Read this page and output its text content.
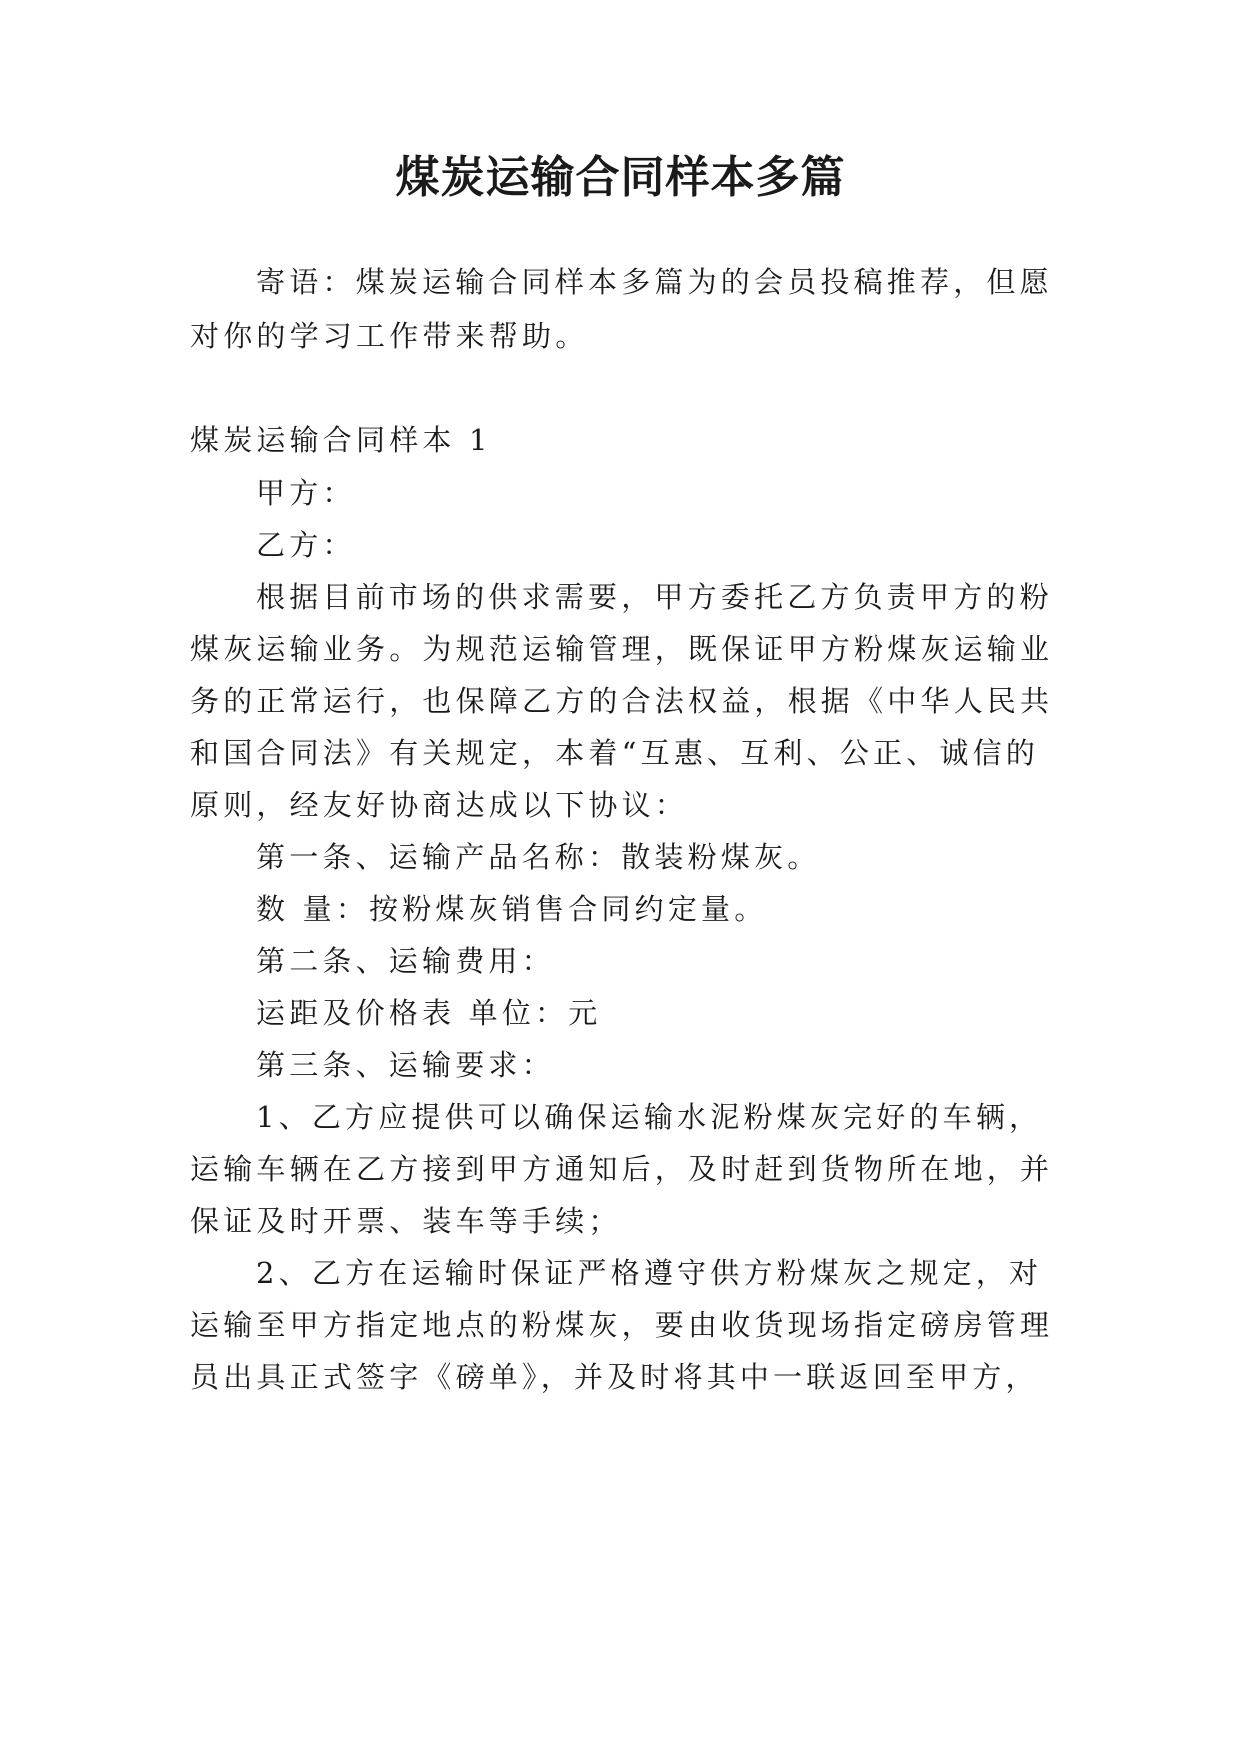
煤炭运输合同样本多篇

寄语：煤炭运输合同样本多篇为的会员投稿推荐，但愿

对你的学习工作带来帮助。

煤炭运输合同样本 1

甲方：

乙方：

根据目前市场的供求需要，甲方委托乙方负责甲方的粉

煤灰运输业务。为规范运输管理，既保证甲方粉煤灰运输业

务的正常运行，也保障乙方的合法权益，根据《中华人民共

和国合同法》有关规定，本着“互惠、互利、公正、诚信的

原则，经友好协商达成以下协议：

第一条、运输产品名称：散装粉煤灰。

数 量：按粉煤灰销售合同约定量。

第二条、运输费用：

运距及价格表 单位：元

第三条、运输要求：

1、乙方应提供可以确保运输水泥粉煤灰完好的车辆，

运输车辆在乙方接到甲方通知后，及时赶到货物所在地，并

保证及时开票、装车等手续；

2、乙方在运输时保证严格遵守供方粉煤灰之规定，对

运输至甲方指定地点的粉煤灰，要由收货现场指定磅房管理

员出具正式签字《磅单》，并及时将其中一联返回至甲方，
